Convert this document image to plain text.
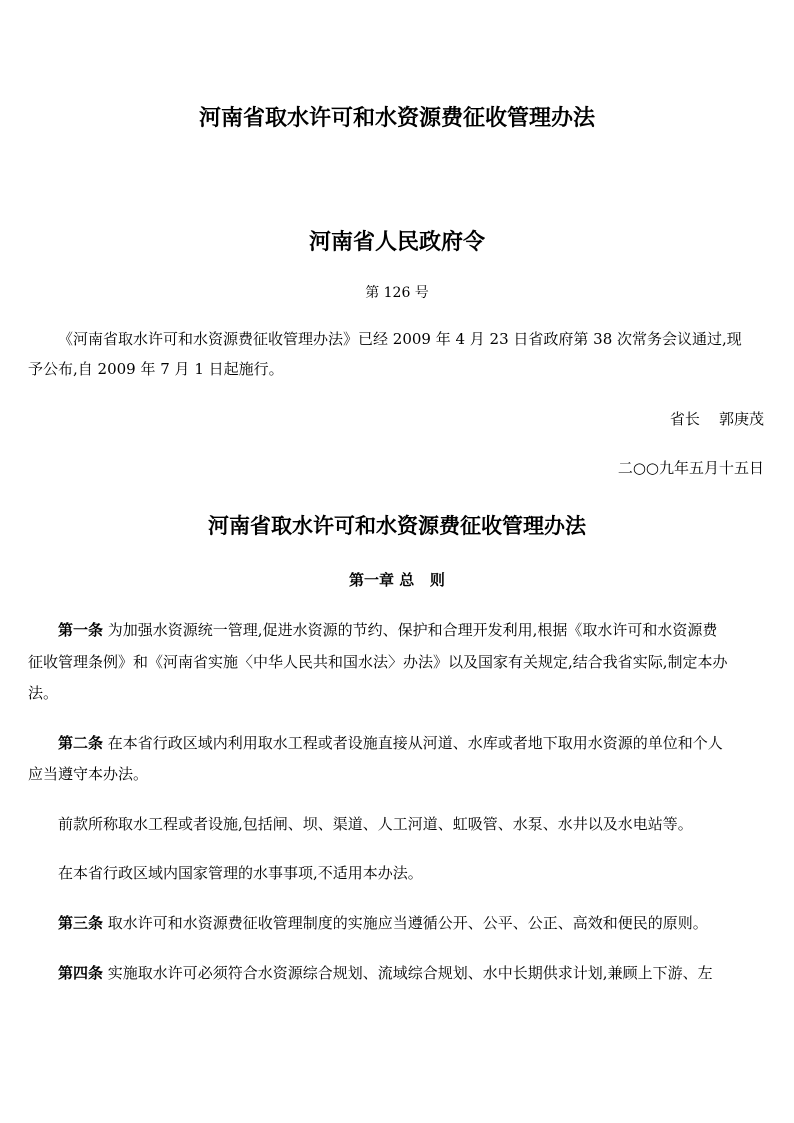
河南省取水许可和水资源费征收管理办法
河南省人民政府令
第 126 号
《河南省取水许可和水资源费征收管理办法》已经 2009 年 4 月 23 日省政府第 38 次常务会议通过,现
予公布,自 2009 年 7 月 1 日起施行。
省长    郭庚茂
二○○九年五月十五日
河南省取水许可和水资源费征收管理办法
第一章 总   则
第一条 为加强水资源统一管理,促进水资源的节约、保护和合理开发利用,根据《取水许可和水资源费
征收管理条例》和《河南省实施〈中华人民共和国水法〉办法》以及国家有关规定,结合我省实际,制定本办
法。
第二条 在本省行政区域内利用取水工程或者设施直接从河道、水库或者地下取用水资源的单位和个人
应当遵守本办法。
前款所称取水工程或者设施,包括闸、坝、渠道、人工河道、虹吸管、水泵、水井以及水电站等。
在本省行政区域内国家管理的水事事项,不适用本办法。
第三条 取水许可和水资源费征收管理制度的实施应当遵循公开、公平、公正、高效和便民的原则。
第四条 实施取水许可必须符合水资源综合规划、流域综合规划、水中长期供求计划,兼顾上下游、左
